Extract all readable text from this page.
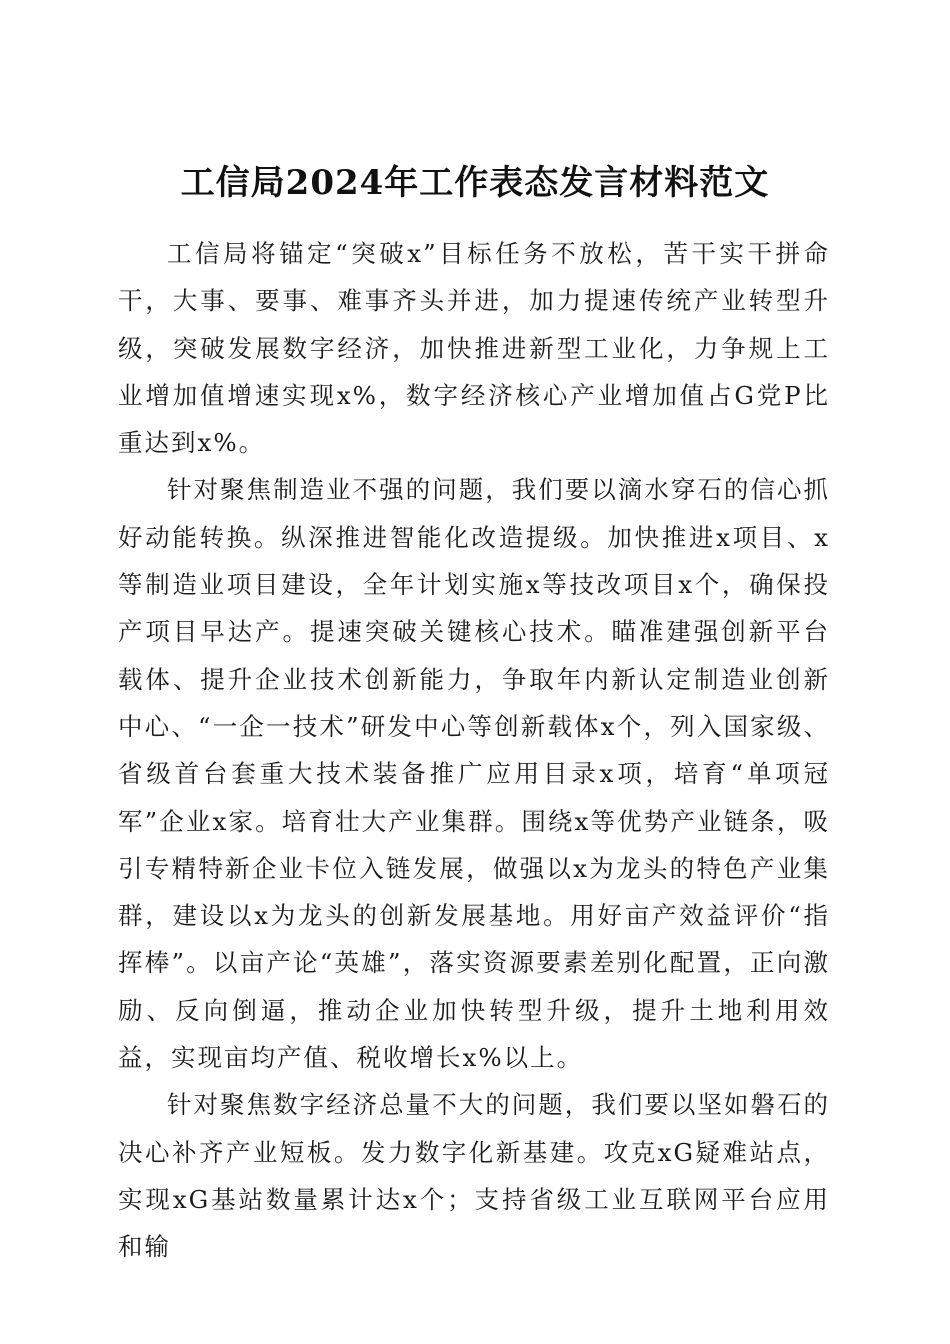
工信局2024年工作表态发言材料范文

工信局将锚定“突破x”目标任务不放松，苦干实干拼命干，大事、要事、难事齐头并进，加力提速传统产业转型升级，突破发展数字经济，加快推进新型工业化，力争规上工业增加值增速实现x%，数字经济核心产业增加值占G党P比重达到x%。

针对聚焦制造业不强的问题，我们要以滴水穿石的信心抓好动能转换。纵深推进智能化改造提级。加快推进x项目、x等制造业项目建设，全年计划实施x等技改项目x个，确保投产项目早达产。提速突破关键核心技术。瞄准建强创新平台载体、提升企业技术创新能力，争取年内新认定制造业创新中心、“一企一技术”研发中心等创新载体x个，列入国家级、省级首台套重大技术装备推广应用目录x项，培育“单项冠军”企业x家。培育壮大产业集群。围绕x等优势产业链条，吸引专精特新企业卡位入链发展，做强以x为龙头的特色产业集群，建设以x为龙头的创新发展基地。用好亩产效益评价“指挥棒”。以亩产论“英雄”，落实资源要素差别化配置，正向激励、反向倒逼，推动企业加快转型升级，提升土地利用效益，实现亩均产值、税收增长x%以上。

针对聚焦数字经济总量不大的问题，我们要以坚如磐石的决心补齐产业短板。发力数字化新基建。攻克xG疑难站点，实现xG基站数量累计达x个；支持省级工业互联网平台应用和输
